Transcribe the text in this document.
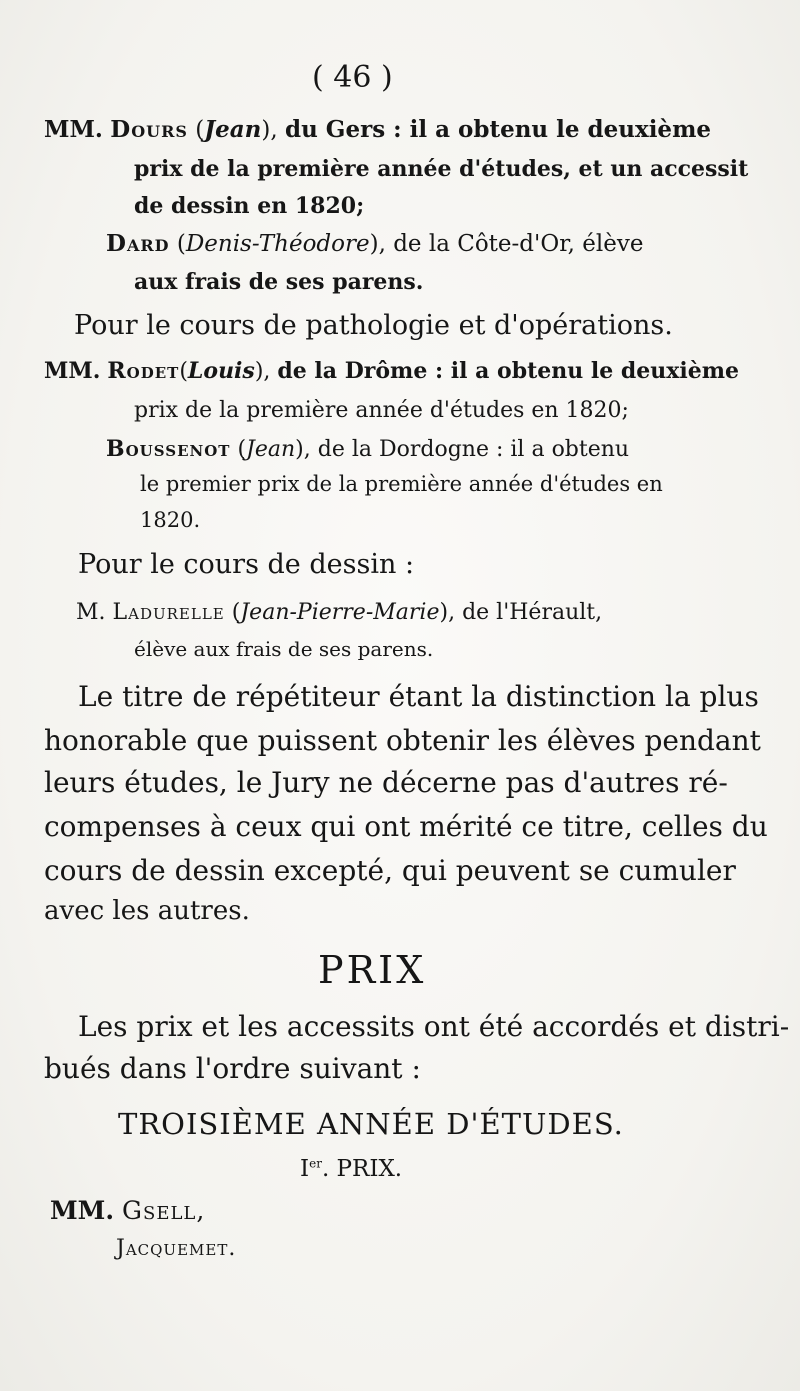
( 46 )
MM. Dours (Jean), du Gers : il a obtenu le deuxième
prix de la première année d'études, et un accessit
de dessin en 1820;
Dard (Denis-Théodore), de la Côte-d'Or, élève
aux frais de ses parens.
Pour le cours de pathologie et d'opérations.
MM. Rodet(Louis), de la Drôme : il a obtenu le deuxième
prix de la première année d'études en 1820;
Boussenot (Jean), de la Dordogne : il a obtenu
le premier prix de la première année d'études en
1820.
Pour le cours de dessin :
M. Ladurelle (Jean-Pierre-Marie), de l'Hérault,
élève aux frais de ses parens.
Le titre de répétiteur étant la distinction la plus
honorable que puissent obtenir les élèves pendant
leurs études, le Jury ne décerne pas d'autres ré-
compenses à ceux qui ont mérité ce titre, celles du
cours de dessin excepté, qui peuvent se cumuler
avec les autres.
PRIX
Les prix et les accessits ont été accordés et distri-
bués dans l'ordre suivant :
TROISIÈME ANNÉE D'ÉTUDES.
Ier. PRIX.
MM. Gsell,
Jacquemet.
